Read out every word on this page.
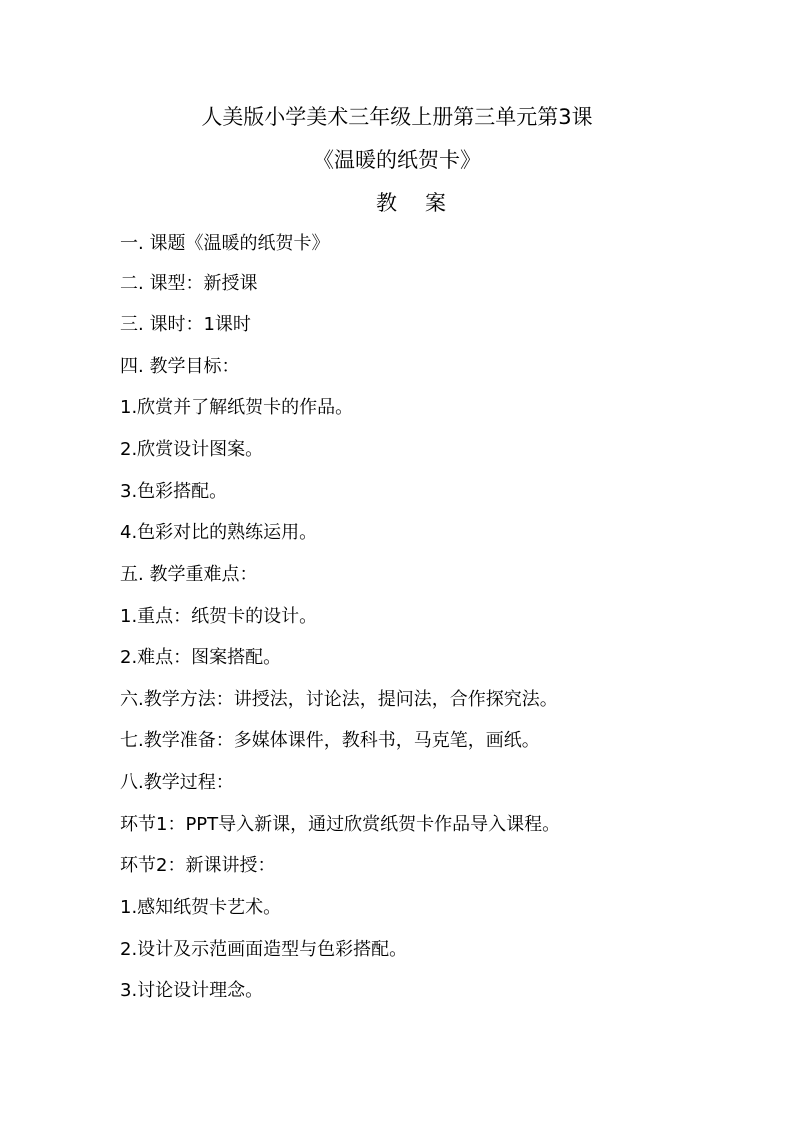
人美版小学美术三年级上册第三单元第3课
《温暖的纸贺卡》
教案
一. 课题《温暖的纸贺卡》
二. 课型：新授课
三. 课时：1课时
四. 教学目标：
1.欣赏并了解纸贺卡的作品。
2.欣赏设计图案。
3.色彩搭配。
4.色彩对比的熟练运用。
五. 教学重难点：
1.重点：纸贺卡的设计。
2.难点：图案搭配。
六.教学方法：讲授法，讨论法，提问法，合作探究法。
七.教学准备：多媒体课件，教科书，马克笔，画纸。
八.教学过程：
环节1：PPT导入新课，通过欣赏纸贺卡作品导入课程。
环节2：新课讲授：
1.感知纸贺卡艺术。
2.设计及示范画面造型与色彩搭配。
3.讨论设计理念。
